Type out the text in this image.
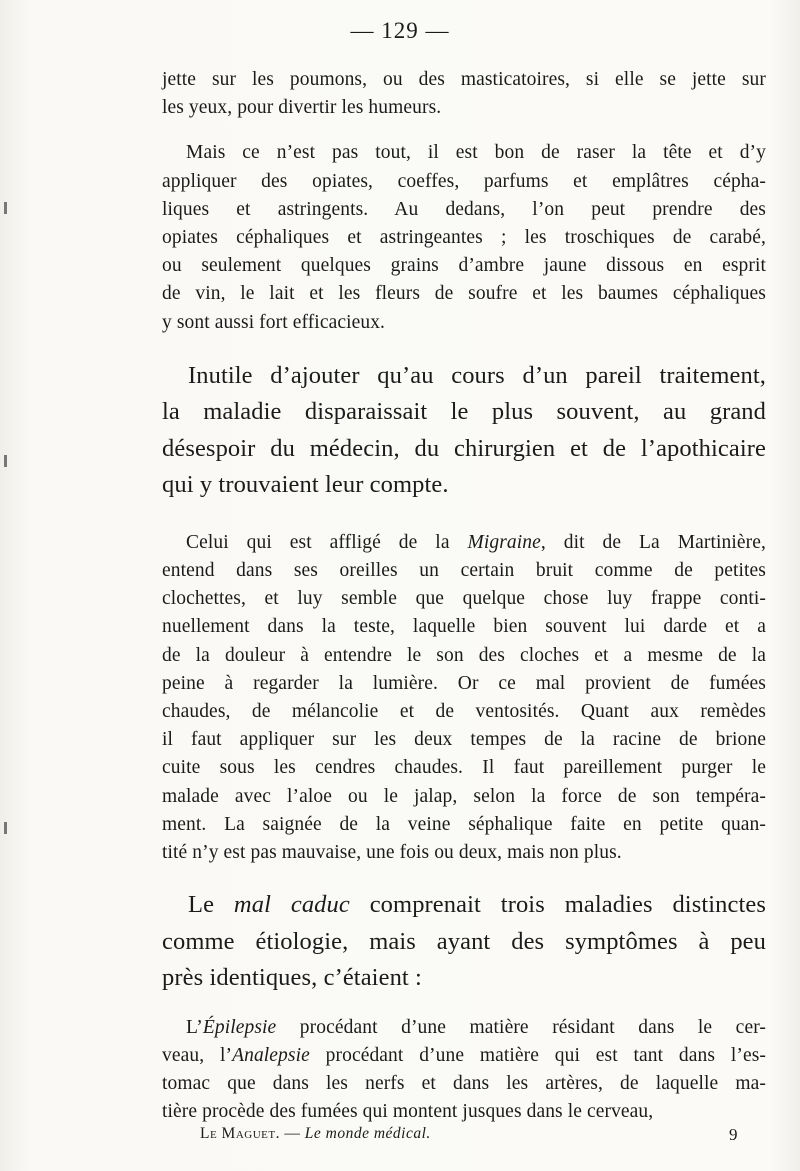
— 129 —
jette sur les poumons, ou des masticatoires, si elle se jette sur
les yeux, pour divertir les humeurs.
Mais ce n’est pas tout, il est bon de raser la tête et d’y
appliquer des opiates, coeffes, parfums et emplâtres cépha-
liques et astringents. Au dedans, l’on peut prendre des
opiates céphaliques et astringeantes ; les troschiques de carabé,
ou seulement quelques grains d’ambre jaune dissous en esprit
de vin, le lait et les fleurs de soufre et les baumes céphaliques
y sont aussi fort efficacieux.
Inutile d’ajouter qu’au cours d’un pareil traitement,
la maladie disparaissait le plus souvent, au grand
désespoir du médecin, du chirurgien et de l’apothicaire
qui y trouvaient leur compte.
Celui qui est affligé de la Migraine, dit de La Martinière,
entend dans ses oreilles un certain bruit comme de petites
clochettes, et luy semble que quelque chose luy frappe conti-
nuellement dans la teste, laquelle bien souvent lui darde et a
de la douleur à entendre le son des cloches et a mesme de la
peine à regarder la lumière. Or ce mal provient de fumées
chaudes, de mélancolie et de ventosités. Quant aux remèdes
il faut appliquer sur les deux tempes de la racine de brione
cuite sous les cendres chaudes. Il faut pareillement purger le
malade avec l’aloe ou le jalap, selon la force de son tempéra-
ment. La saignée de la veine séphalique faite en petite quan-
tité n’y est pas mauvaise, une fois ou deux, mais non plus.
Le mal caduc comprenait trois maladies distinctes
comme étiologie, mais ayant des symptômes à peu
près identiques, c’étaient :
L’Épilepsie procédant d’une matière résidant dans le cer-
veau, l’Analepsie procédant d’une matière qui est tant dans l’es-
tomac que dans les nerfs et dans les artères, de laquelle ma-
tière procède des fumées qui montent jusques dans le cerveau,
Le Maguet. — Le monde médical.	9
